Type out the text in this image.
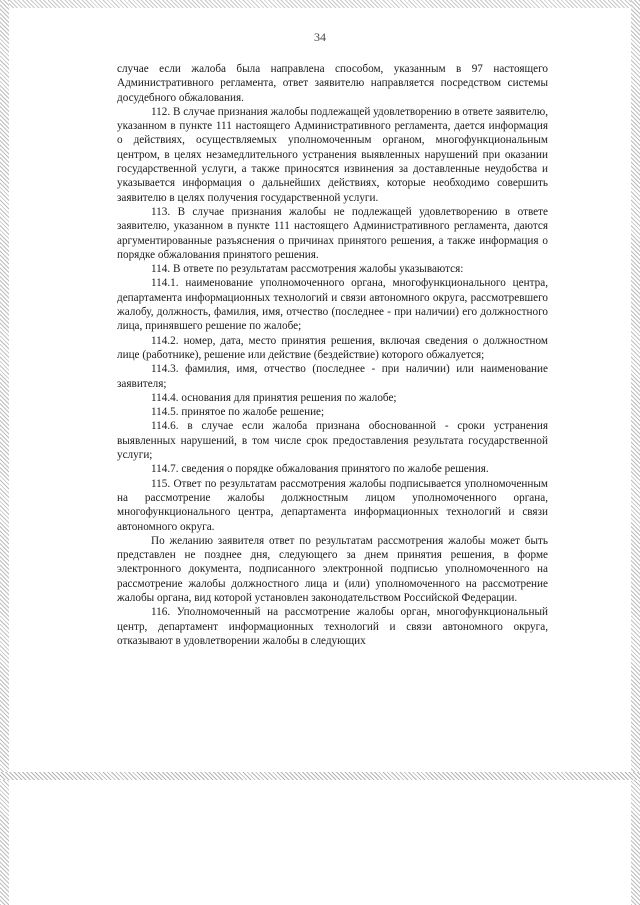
34

случае если жалоба была направлена способом, указанным в 97 настоящего Административного регламента, ответ заявителю направляется посредством системы досудебного обжалования.

112. В случае признания жалобы подлежащей удовлетворению в ответе заявителю, указанном в пункте 111 настоящего Административного регламента, дается информация о действиях, осуществляемых уполномоченным органом, многофункциональным центром, в целях незамедлительного устранения выявленных нарушений при оказании государственной услуги, а также приносятся извинения за доставленные неудобства и указывается информация о дальнейших действиях, которые необходимо совершить заявителю в целях получения государственной услуги.

113. В случае признания жалобы не подлежащей удовлетворению в ответе заявителю, указанном в пункте 111 настоящего Административного регламента, даются аргументированные разъяснения о причинах принятого решения, а также информация о порядке обжалования принятого решения.

114. В ответе по результатам рассмотрения жалобы указываются:

114.1. наименование уполномоченного органа, многофункционального центра, департамента информационных технологий и связи автономного округа, рассмотревшего жалобу, должность, фамилия, имя, отчество (последнее - при наличии) его должностного лица, принявшего решение по жалобе;

114.2. номер, дата, место принятия решения, включая сведения о должностном лице (работнике), решение или действие (бездействие) которого обжалуется;

114.3. фамилия, имя, отчество (последнее - при наличии) или наименование заявителя;

114.4. основания для принятия решения по жалобе;

114.5. принятое по жалобе решение;

114.6. в случае если жалоба признана обоснованной - сроки устранения выявленных нарушений, в том числе срок предоставления результата государственной услуги;

114.7. сведения о порядке обжалования принятого по жалобе решения.

115. Ответ по результатам рассмотрения жалобы подписывается уполномоченным на рассмотрение жалобы должностным лицом уполномоченного органа, многофункционального центра, департамента информационных технологий и связи автономного округа.

По желанию заявителя ответ по результатам рассмотрения жалобы может быть представлен не позднее дня, следующего за днем принятия решения, в форме электронного документа, подписанного электронной подписью уполномоченного на рассмотрение жалобы должностного лица и (или) уполномоченного на рассмотрение жалобы органа, вид которой установлен законодательством Российской Федерации.

116. Уполномоченный на рассмотрение жалобы орган, многофункциональный центр, департамент информационных технологий и связи автономного округа, отказывают в удовлетворении жалобы в следующих
